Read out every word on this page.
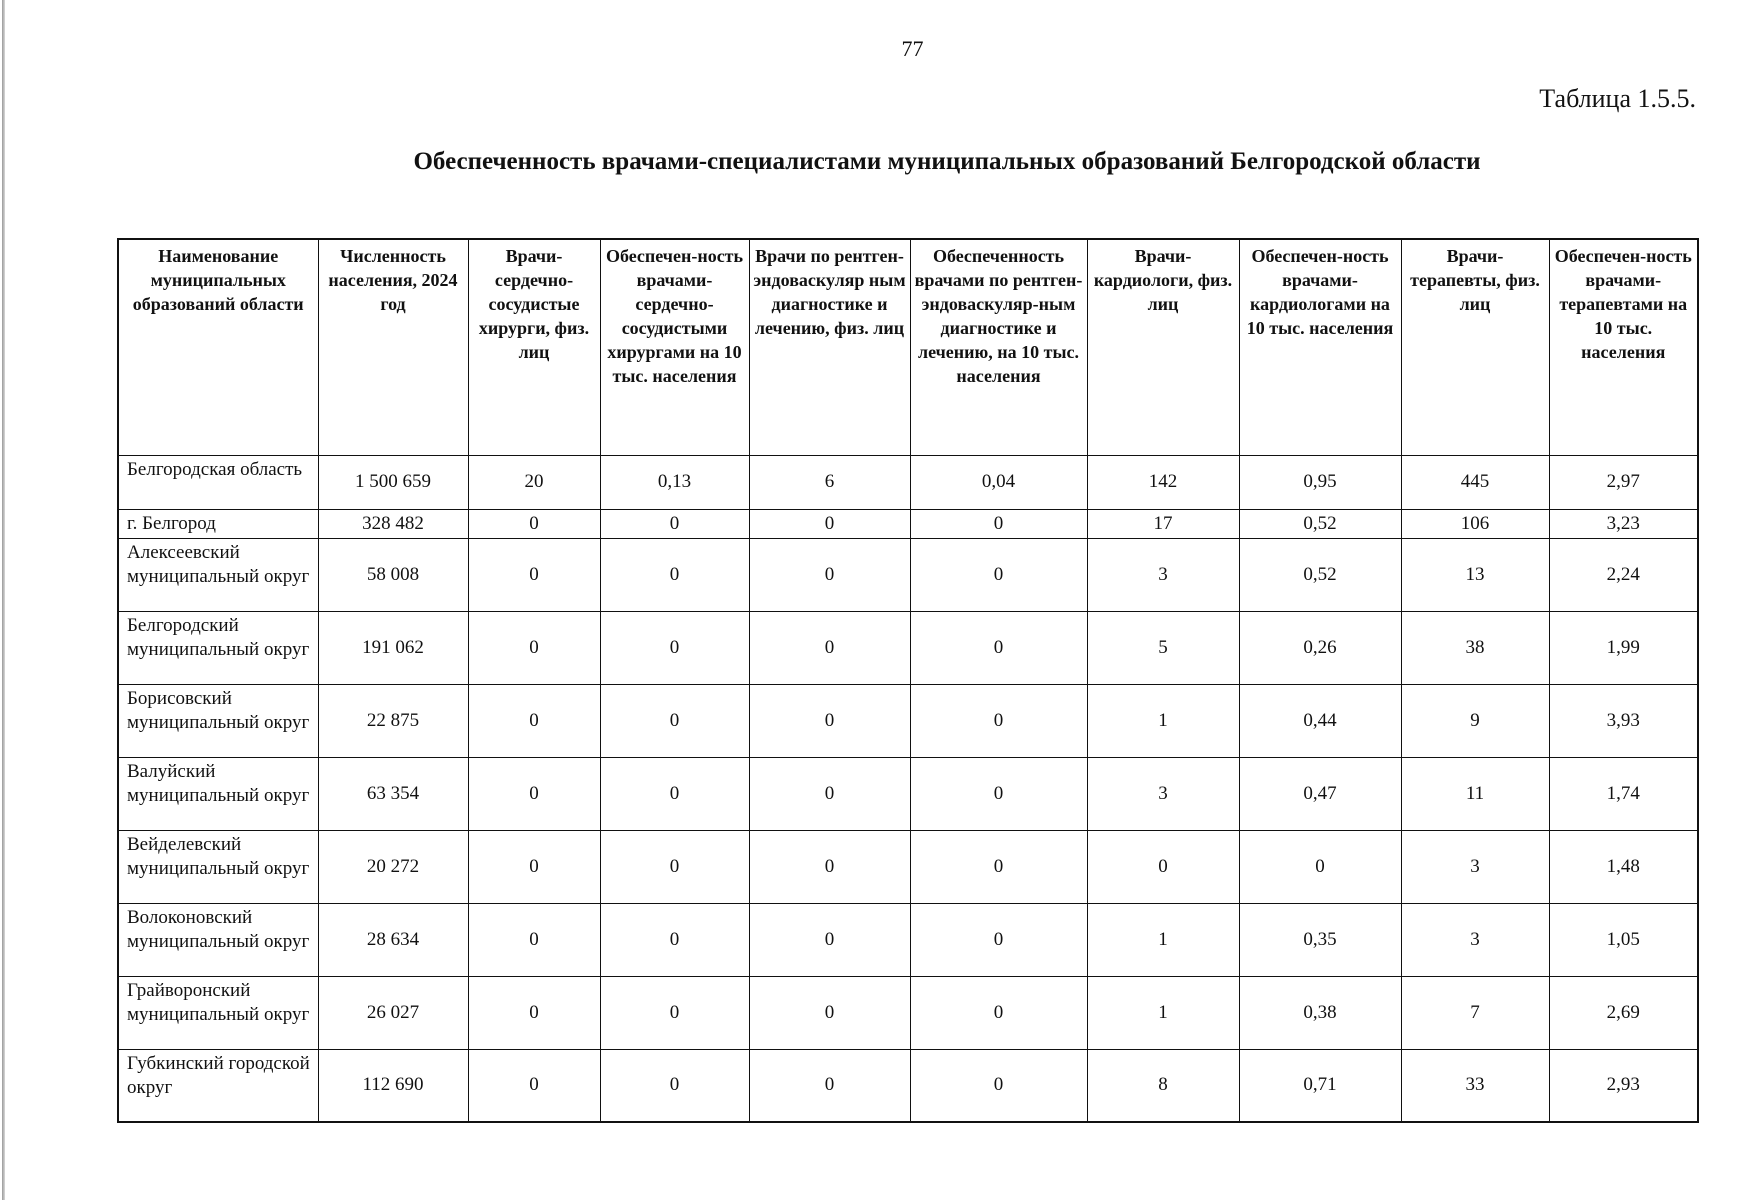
77
Таблица 1.5.5.
Обеспеченность врачами-специалистами муниципальных образований Белгородской области
Наименование муниципальных образований области	Численность населения, 2024 год	Врачи-сердечно-сосудистые хирурги, физ. лиц	Обеспечен-ность врачами-сердечно-сосудистыми хирургами на 10 тыс. населения	Врачи по рентген-эндоваскуляр ным диагностике и лечению, физ. лиц	Обеспеченность врачами по рентген-эндоваскуляр-ным диагностике и лечению, на 10 тыс. населения	Врачи-кардиологи, физ. лиц	Обеспечен-ность врачами-кардиологами на 10 тыс. населения	Врачи-терапевты, физ. лиц	Обеспечен-ность врачами-терапевтами на 10 тыс. населения
Белгородская область	1 500 659	20	0,13	6	0,04	142	0,95	445	2,97
г. Белгород	328 482	0	0	0	0	17	0,52	106	3,23
Алексеевский муниципальный округ	58 008	0	0	0	0	3	0,52	13	2,24
Белгородский муниципальный округ	191 062	0	0	0	0	5	0,26	38	1,99
Борисовский муниципальный округ	22 875	0	0	0	0	1	0,44	9	3,93
Валуйский муниципальный округ	63 354	0	0	0	0	3	0,47	11	1,74
Вейделевский муниципальный округ	20 272	0	0	0	0	0	0	3	1,48
Волоконовский муниципальный округ	28 634	0	0	0	0	1	0,35	3	1,05
Грайворонский муниципальный округ	26 027	0	0	0	0	1	0,38	7	2,69
Губкинский городской округ	112 690	0	0	0	0	8	0,71	33	2,93
